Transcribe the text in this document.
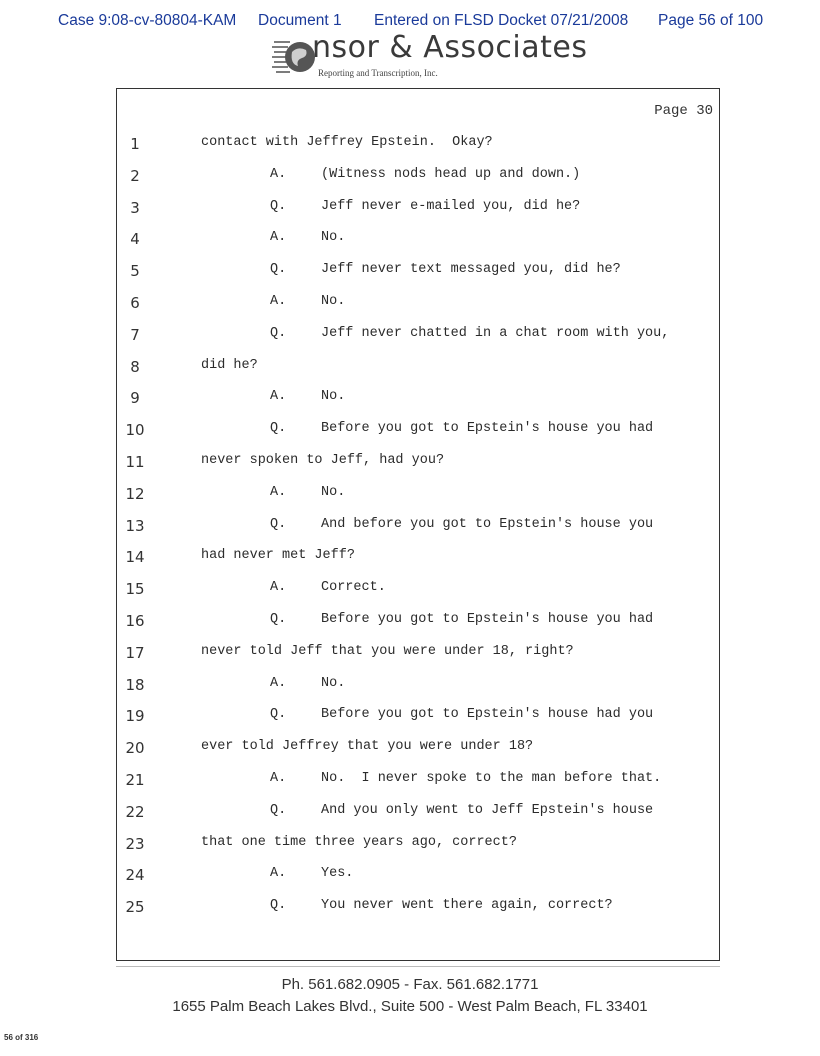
Case 9:08-cv-80804-KAM Document 1 Entered on FLSD Docket 07/21/2008 Page 56 of 100
nsor & Associates
Reporting and Transcription, Inc.
Page 30
1	contact with Jeffrey Epstein.  Okay?
2	A.	(Witness nods head up and down.)
3	Q.	Jeff never e-mailed you, did he?
4	A.	No.
5	Q.	Jeff never text messaged you, did he?
6	A.	No.
7	Q.	Jeff never chatted in a chat room with you,
8	did he?
9	A.	No.
10	Q.	Before you got to Epstein's house you had
11	never spoken to Jeff, had you?
12	A.	No.
13	Q.	And before you got to Epstein's house you
14	had never met Jeff?
15	A.	Correct.
16	Q.	Before you got to Epstein's house you had
17	never told Jeff that you were under 18, right?
18	A.	No.
19	Q.	Before you got to Epstein's house had you
20	ever told Jeffrey that you were under 18?
21	A.	No.  I never spoke to the man before that.
22	Q.	And you only went to Jeff Epstein's house
23	that one time three years ago, correct?
24	A.	Yes.
25	Q.	You never went there again, correct?
Ph. 561.682.0905 - Fax. 561.682.1771
1655 Palm Beach Lakes Blvd., Suite 500 - West Palm Beach, FL 33401
56 of 316
